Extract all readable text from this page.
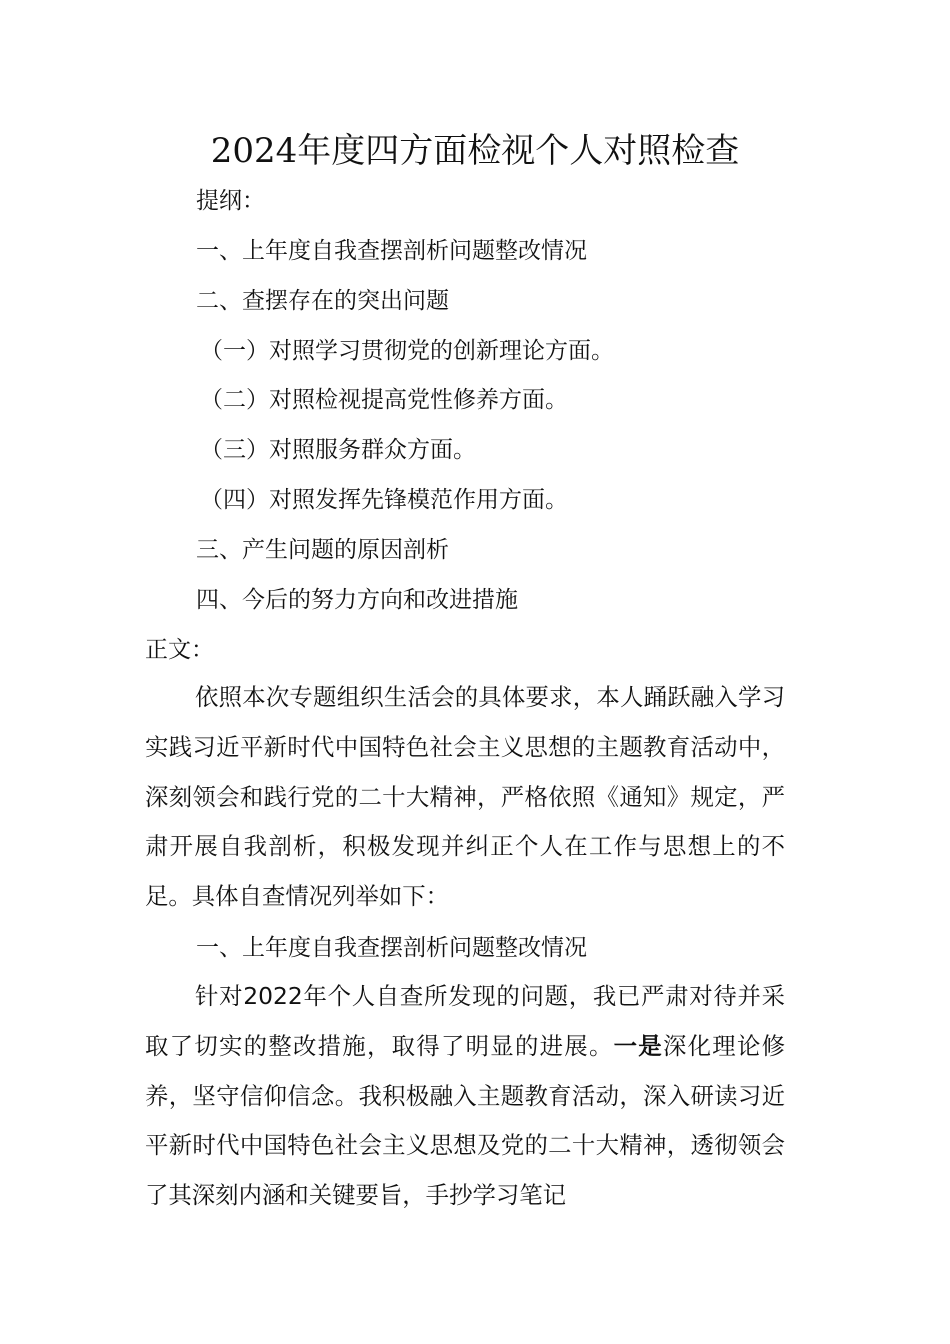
2024年度四方面检视个人对照检查
提纲：
一、上年度自我查摆剖析问题整改情况
二、查摆存在的突出问题
（一）对照学习贯彻党的创新理论方面。
（二）对照检视提高党性修养方面。
（三）对照服务群众方面。
（四）对照发挥先锋模范作用方面。
三、产生问题的原因剖析
四、今后的努力方向和改进措施
正文：

依照本次专题组织生活会的具体要求，本人踊跃融入学习实践习近平新时代中国特色社会主义思想的主题教育活动中，深刻领会和践行党的二十大精神，严格依照《通知》规定，严肃开展自我剖析，积极发现并纠正个人在工作与思想上的不足。具体自查情况列举如下：

一、上年度自我查摆剖析问题整改情况

针对2022年个人自查所发现的问题，我已严肃对待并采取了切实的整改措施，取得了明显的进展。一是深化理论修养，坚守信仰信念。我积极融入主题教育活动，深入研读习近平新时代中国特色社会主义思想及党的二十大精神，透彻领会了其深刻内涵和关键要旨，手抄学习笔记
